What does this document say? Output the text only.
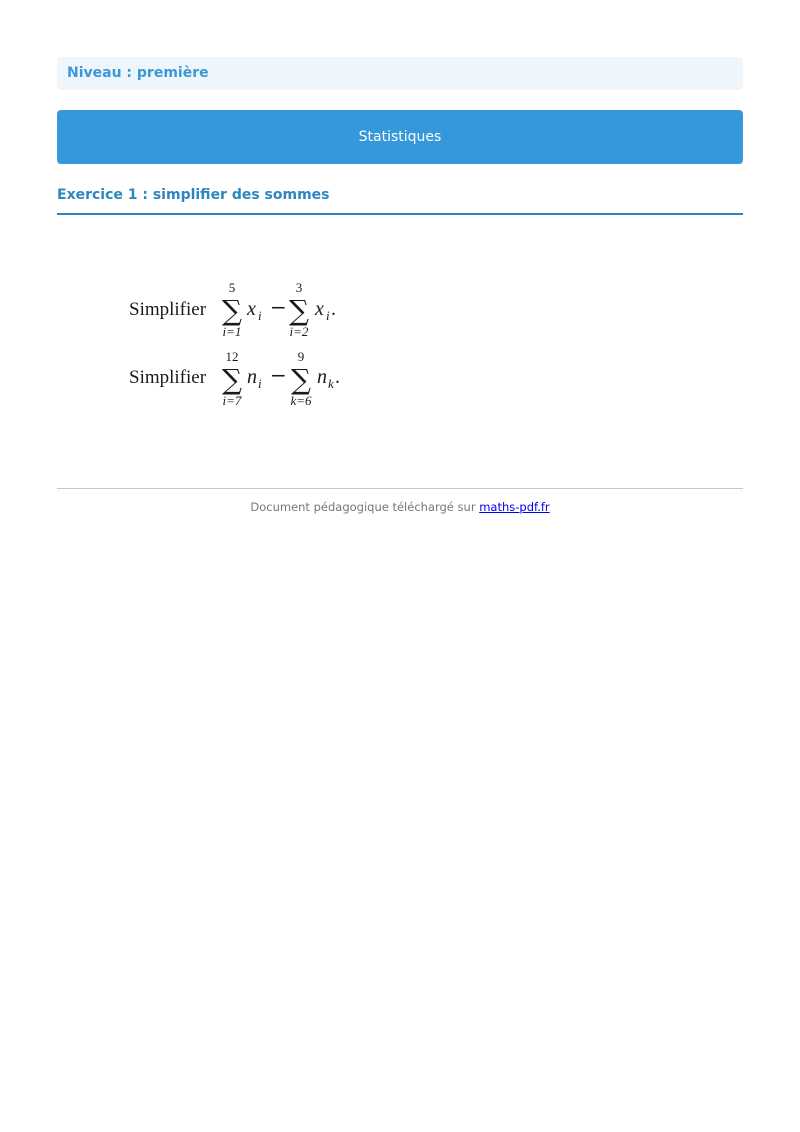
Niveau : première
Statistiques
Exercice 1 : simplifier des sommes
Simplifier
5
∑
i=1
x i −
3
∑
i=2
x i .
Simplifier
12
∑
i=7
n i −
9
∑
k=6
n k .
Document pédagogique téléchargé sur maths-pdf.fr
